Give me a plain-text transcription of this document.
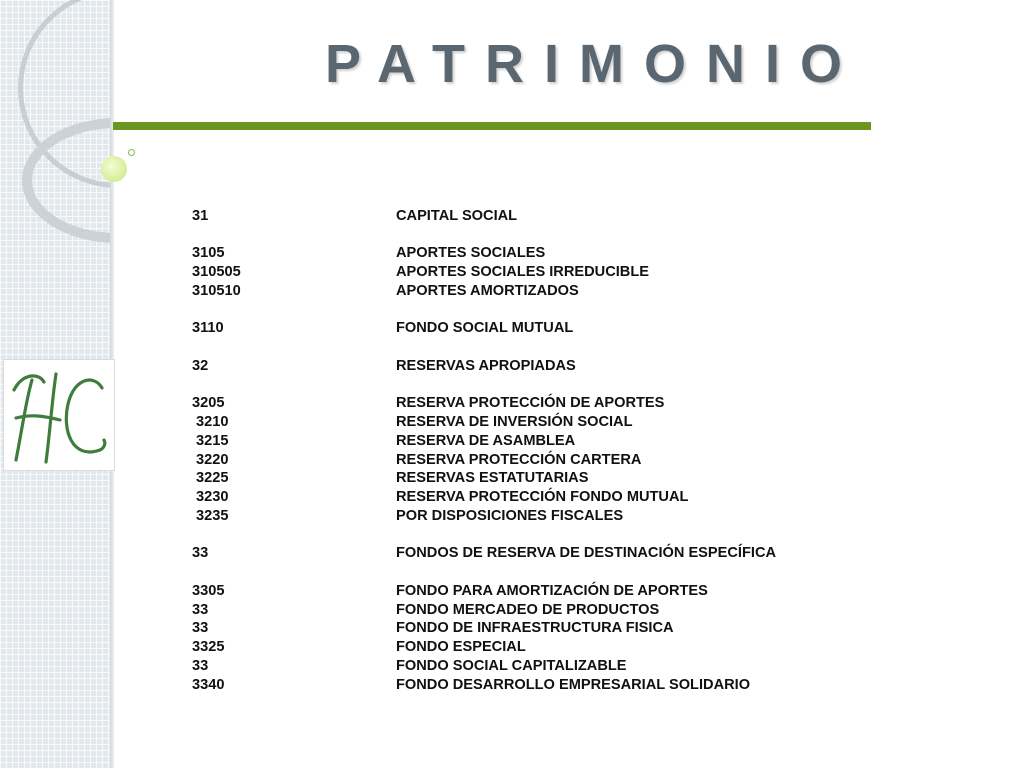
PATRIMONIO
31	CAPITAL SOCIAL
3105	APORTES SOCIALES
310505	APORTES SOCIALES IRREDUCIBLE
310510	APORTES AMORTIZADOS
3110	FONDO SOCIAL MUTUAL
32	RESERVAS APROPIADAS
3205	RESERVA PROTECCIÓN DE APORTES
3210	RESERVA DE INVERSIÓN SOCIAL
3215	RESERVA DE ASAMBLEA
3220	RESERVA PROTECCIÓN CARTERA
3225	RESERVAS ESTATUTARIAS
3230	RESERVA PROTECCIÓN FONDO MUTUAL
3235	POR DISPOSICIONES FISCALES
33	FONDOS DE RESERVA DE DESTINACIÓN ESPECÍFICA
3305	FONDO PARA AMORTIZACIÓN DE APORTES
33	FONDO MERCADEO DE PRODUCTOS
33	FONDO DE INFRAESTRUCTURA FISICA
3325	FONDO ESPECIAL
33	FONDO SOCIAL CAPITALIZABLE
3340	FONDO DESARROLLO EMPRESARIAL SOLIDARIO
